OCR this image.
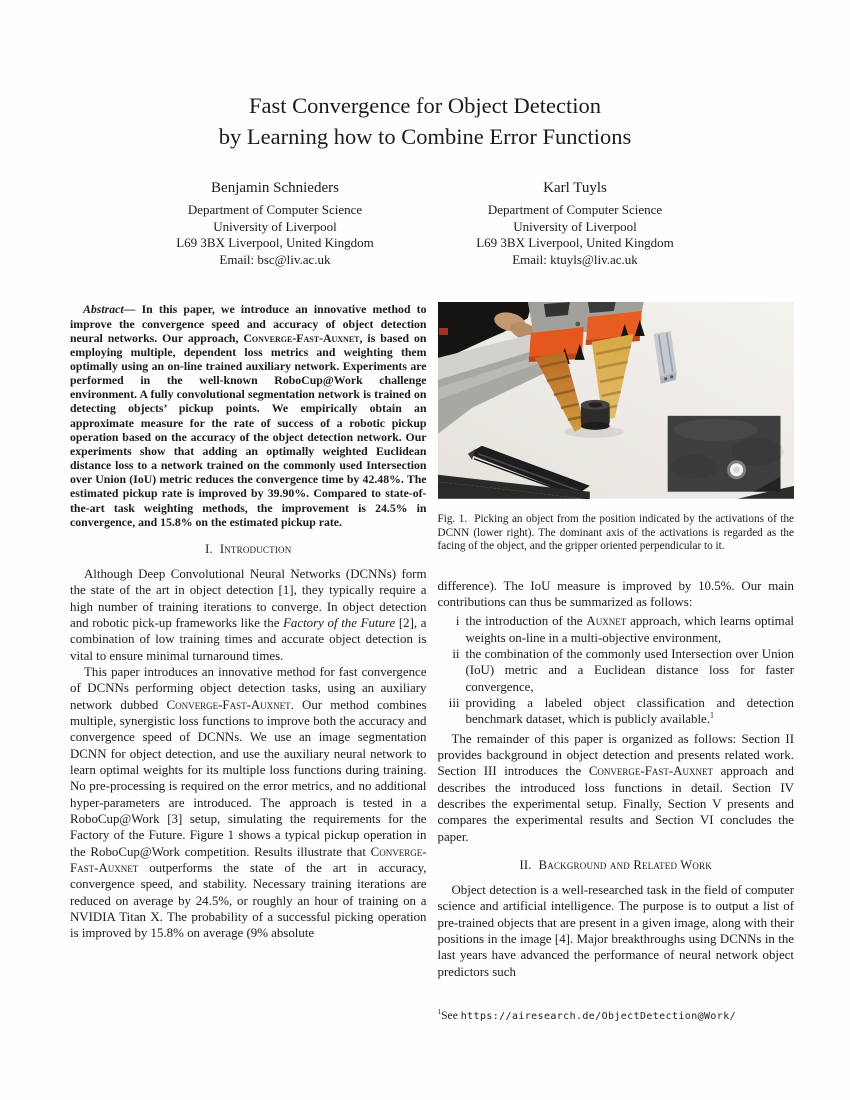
Fast Convergence for Object Detection
by Learning how to Combine Error Functions
Benjamin Schnieders
Department of Computer Science
University of Liverpool
L69 3BX Liverpool, United Kingdom
Email: bsc@liv.ac.uk
Karl Tuyls
Department of Computer Science
University of Liverpool
L69 3BX Liverpool, United Kingdom
Email: ktuyls@liv.ac.uk

Abstract— In this paper, we introduce an innovative method to improve the convergence speed and accuracy of object detection neural networks. Our approach, Converge-Fast-Auxnet, is based on employing multiple, dependent loss metrics and weighting them optimally using an on-line trained auxiliary network. Experiments are performed in the well-known RoboCup@Work challenge environment. A fully convolutional segmentation network is trained on detecting objects’ pickup points. We empirically obtain an approximate measure for the rate of success of a robotic pickup operation based on the accuracy of the object detection network. Our experiments show that adding an optimally weighted Euclidean distance loss to a network trained on the commonly used Intersection over Union (IoU) metric reduces the convergence time by 42.48%. The estimated pickup rate is improved by 39.90%. Compared to state-of-the-art task weighting methods, the improvement is 24.5% in convergence, and 15.8% on the estimated pickup rate.

I. Introduction

Although Deep Convolutional Neural Networks (DCNNs) form the state of the art in object detection [1], they typically require a high number of training iterations to converge. In object detection and robotic pick-up frameworks like the Factory of the Future [2], a combination of low training times and accurate object detection is vital to ensure minimal turnaround times.

This paper introduces an innovative method for fast convergence of DCNNs performing object detection tasks, using an auxiliary network dubbed Converge-Fast-Auxnet. Our method combines multiple, synergistic loss functions to improve both the accuracy and convergence speed of DCNNs. We use an image segmentation DCNN for object detection, and use the auxiliary neural network to learn optimal weights for its multiple loss functions during training. No pre-processing is required on the error metrics, and no additional hyper-parameters are introduced. The approach is tested in a RoboCup@Work [3] setup, simulating the requirements for the Factory of the Future. Figure 1 shows a typical pickup operation in the RoboCup@Work competition. Results illustrate that Converge-Fast-Auxnet outperforms the state of the art in accuracy, convergence speed, and stability. Necessary training iterations are reduced on average by 24.5%, or roughly an hour of training on a NVIDIA Titan X. The probability of a successful picking operation is improved by 15.8% on average (9% absolute

Fig. 1.  Picking an object from the position indicated by the activations of the DCNN (lower right). The dominant axis of the activations is regarded as the facing of the object, and the gripper oriented perpendicular to it.

difference). The IoU measure is improved by 10.5%. Our main contributions can thus be summarized as follows:

i the introduction of the Auxnet approach, which learns optimal weights on-line in a multi-objective environment,
ii the combination of the commonly used Intersection over Union (IoU) metric and a Euclidean distance loss for faster convergence,
iii providing a labeled object classification and detection benchmark dataset, which is publicly available.$^1$

The remainder of this paper is organized as follows: Section II provides background in object detection and presents related work. Section III introduces the Converge-Fast-Auxnet approach and describes the introduced loss functions in detail. Section IV describes the experimental setup. Finally, Section V presents and compares the experimental results and Section VI concludes the paper.

II. Background and Related Work

Object detection is a well-researched task in the field of computer science and artificial intelligence. The purpose is to output a list of pre-trained objects that are present in a given image, along with their positions in the image [4]. Major breakthroughs using DCNNs in the last years have advanced the performance of neural network object predictors such

$^1$See https://airesearch.de/ObjectDetection@Work/
